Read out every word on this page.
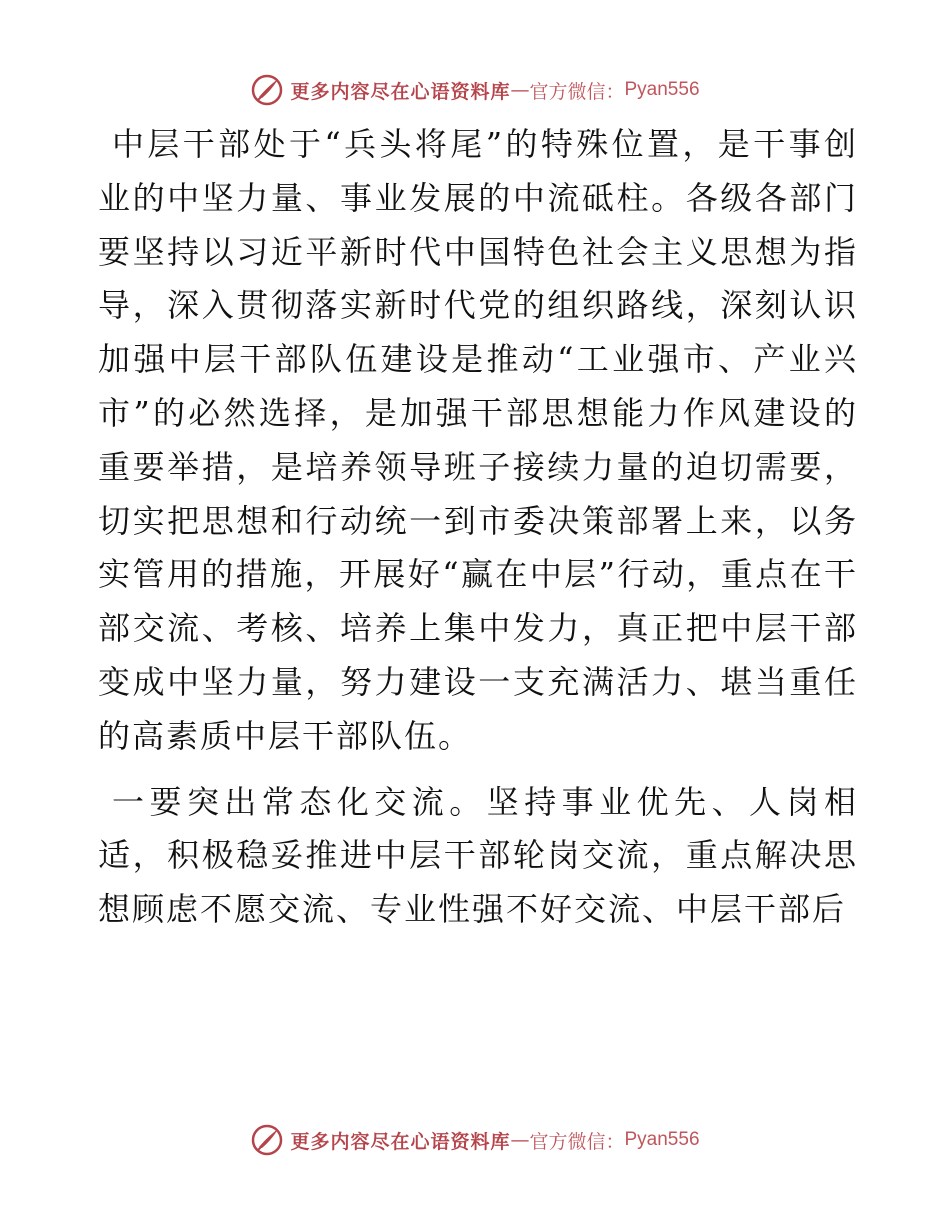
更多内容尽在心语资料库 — 官方微信： Pyan556

中层干部处于“兵头将尾”的特殊位置，是干事创业的中坚力量、事业发展的中流砥柱。各级各部门要坚持以习近平新时代中国特色社会主义思想为指导，深入贯彻落实新时代党的组织路线，深刻认识加强中层干部队伍建设是推动“工业强市、产业兴市”的必然选择，是加强干部思想能力作风建设的重要举措，是培养领导班子接续力量的迫切需要，切实把思想和行动统一到市委决策部署上来，以务实管用的措施，开展好“赢在中层”行动，重点在干部交流、考核、培养上集中发力，真正把中层干部变成中坚力量，努力建设一支充满活力、堪当重任的高素质中层干部队伍。

一要突出常态化交流。坚持事业优先、人岗相适，积极稳妥推进中层干部轮岗交流，重点解决思想顾虑不愿交流、专业性强不好交流、中层干部后

更多内容尽在心语资料库 — 官方微信： Pyan556
